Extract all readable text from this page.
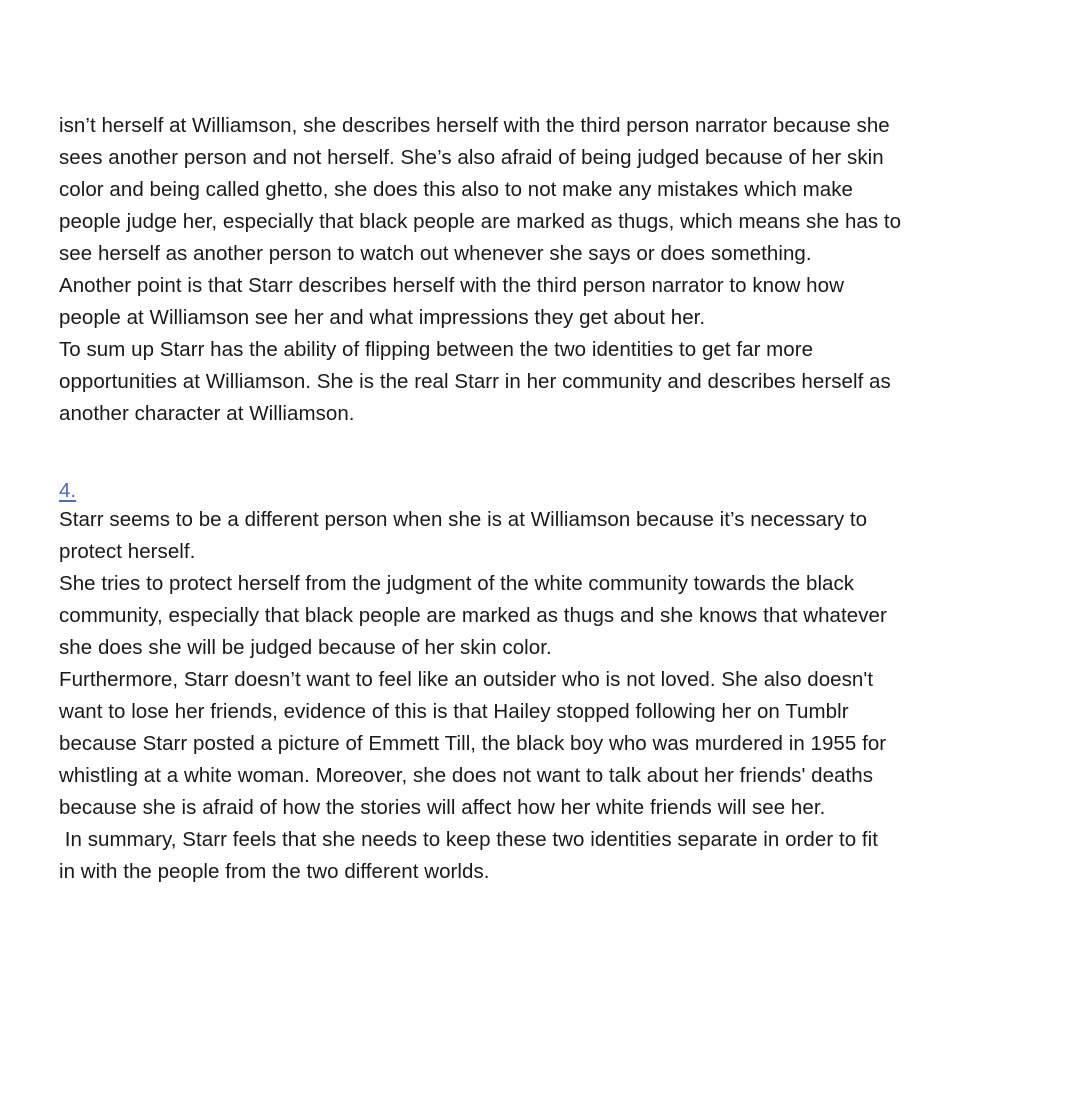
isn’t herself at Williamson, she describes herself with the third person narrator because she
sees another person and not herself. She’s also afraid of being judged because of her skin
color and being called ghetto, she does this also to not make any mistakes which make
people judge her, especially that black people are marked as thugs, which means she has to
see herself as another person to watch out whenever she says or does something.
Another point is that Starr describes herself with the third person narrator to know how
people at Williamson see her and what impressions they get about her.
To sum up Starr has the ability of flipping between the two identities to get far more
opportunities at Williamson. She is the real Starr in her community and describes herself as
another character at Williamson.
4.
Starr seems to be a different person when she is at Williamson because it’s necessary to
protect herself.
She tries to protect herself from the judgment of the white community towards the black
community, especially that black people are marked as thugs and she knows that whatever
she does she will be judged because of her skin color.
Furthermore, Starr doesn’t want to feel like an outsider who is not loved. She also doesn't
want to lose her friends, evidence of this is that Hailey stopped following her on Tumblr
because Starr posted a picture of Emmett Till, the black boy who was murdered in 1955 for
whistling at a white woman. Moreover, she does not want to talk about her friends' deaths
because she is afraid of how the stories will affect how her white friends will see her.
In summary, Starr feels that she needs to keep these two identities separate in order to fit
in with the people from the two different worlds.
